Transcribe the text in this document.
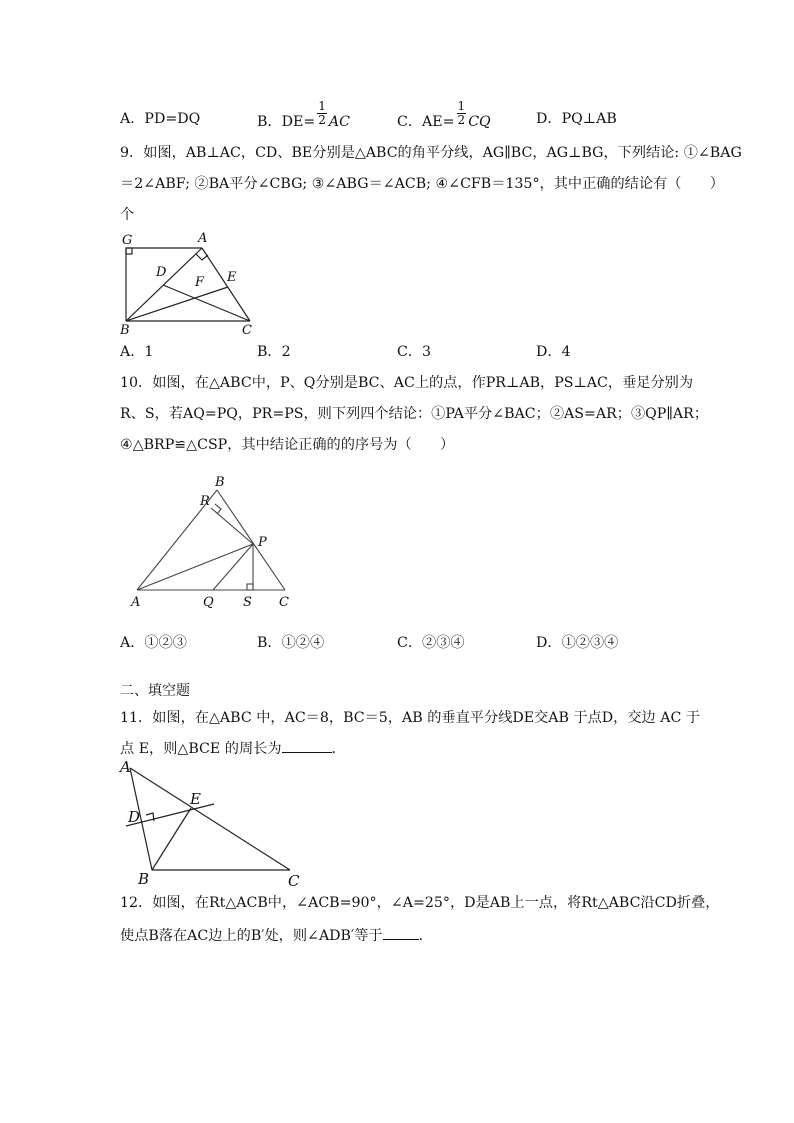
A．PD=DQ	B．$DE= \frac{1}{2}$ AC	C．$AE= \frac{1}{2}$ CQ	D．PQ⊥AB
9．如图，AB⊥AC，CD、BE分别是△ABC的角平分线，AG∥BC，AG⊥BG，下列结论: ①∠BAG
＝2∠ABF; ②BA平分∠CBG; ③∠ABG＝∠ACB; ④∠CFB＝135°，其中正确的结论有（　　）
个
G	A
D
F E
B	C
A．1	B．2	C．3	D．4
10．如图，在△ABC中，P、Q分别是BC、AC上的点，作PR⊥AB，PS⊥AC，垂足分别为
R、S，若AQ=PQ，PR=PS，则下列四个结论：①PA平分∠BAC；②AS=AR；③QP∥AR；
④△BRP≌△CSP，其中结论正确的的序号为（　　）
B
R
P
A	Q S C
A．①②③	B．①②④	C．②③④	D．①②③④
二、填空题
11．如图，在△ABC 中，AC＝8，BC＝5，AB 的垂直平分线DE交AB 于点D，交边 AC 于
点 E，则△BCE 的周长为	．
A
D
E
B	C
12．如图，在Rt△ACB中，∠ACB=90°，∠A=25°，D是AB上一点，将Rt△ABC沿CD折叠，
使点B落在AC边上的B′处，则∠ADB′等于	．
